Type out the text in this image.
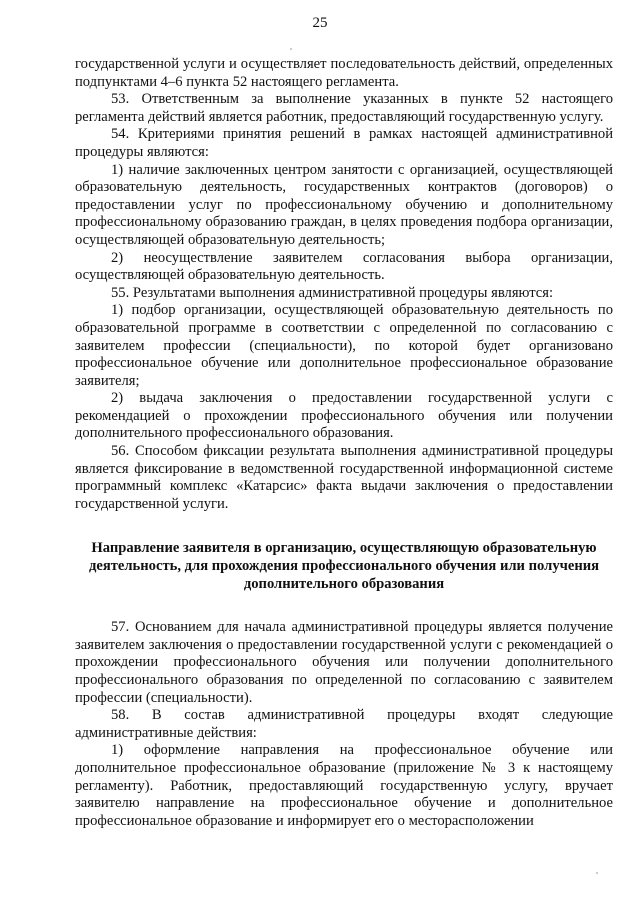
25

государственной услуги и осуществляет последовательность действий, определенных подпунктами 4–6 пункта 52 настоящего регламента.

53. Ответственным за выполнение указанных в пункте 52 настоящего регламента действий является работник, предоставляющий государственную услугу.

54. Критериями принятия решений в рамках настоящей административной процедуры являются:

1) наличие заключенных центром занятости с организацией, осуществляющей образовательную деятельность, государственных контрактов (договоров) о предоставлении услуг по профессиональному обучению и дополнительному профессиональному образованию граждан, в целях проведения подбора организации, осуществляющей образовательную деятельность;

2) неосуществление заявителем согласования выбора организации, осуществляющей образовательную деятельность.

55. Результатами выполнения административной процедуры являются:

1) подбор организации, осуществляющей образовательную деятельность по образовательной программе в соответствии с определенной по согласованию с заявителем профессии (специальности), по которой будет организовано профессиональное обучение или дополнительное профессиональное образование заявителя;

2) выдача заключения о предоставлении государственной услуги с рекомендацией о прохождении профессионального обучения или получении дополнительного профессионального образования.

56. Способом фиксации результата выполнения административной процедуры является фиксирование в ведомственной государственной информационной системе программный комплекс «Катарсис» факта выдачи заключения о предоставлении государственной услуги.

Направление заявителя в организацию, осуществляющую образовательную деятельность, для прохождения профессионального обучения или получения дополнительного образования

57. Основанием для начала административной процедуры является получение заявителем заключения о предоставлении государственной услуги с рекомендацией о прохождении профессионального обучения или получении дополнительного профессионального образования по определенной по согласованию с заявителем профессии (специальности).

58. В состав административной процедуры входят следующие административные действия:

1) оформление направления на профессиональное обучение или дополнительное профессиональное образование (приложение № 3 к настоящему регламенту). Работник, предоставляющий государственную услугу, вручает заявителю направление на профессиональное обучение и дополнительное профессиональное образование и информирует его о месторасположении
